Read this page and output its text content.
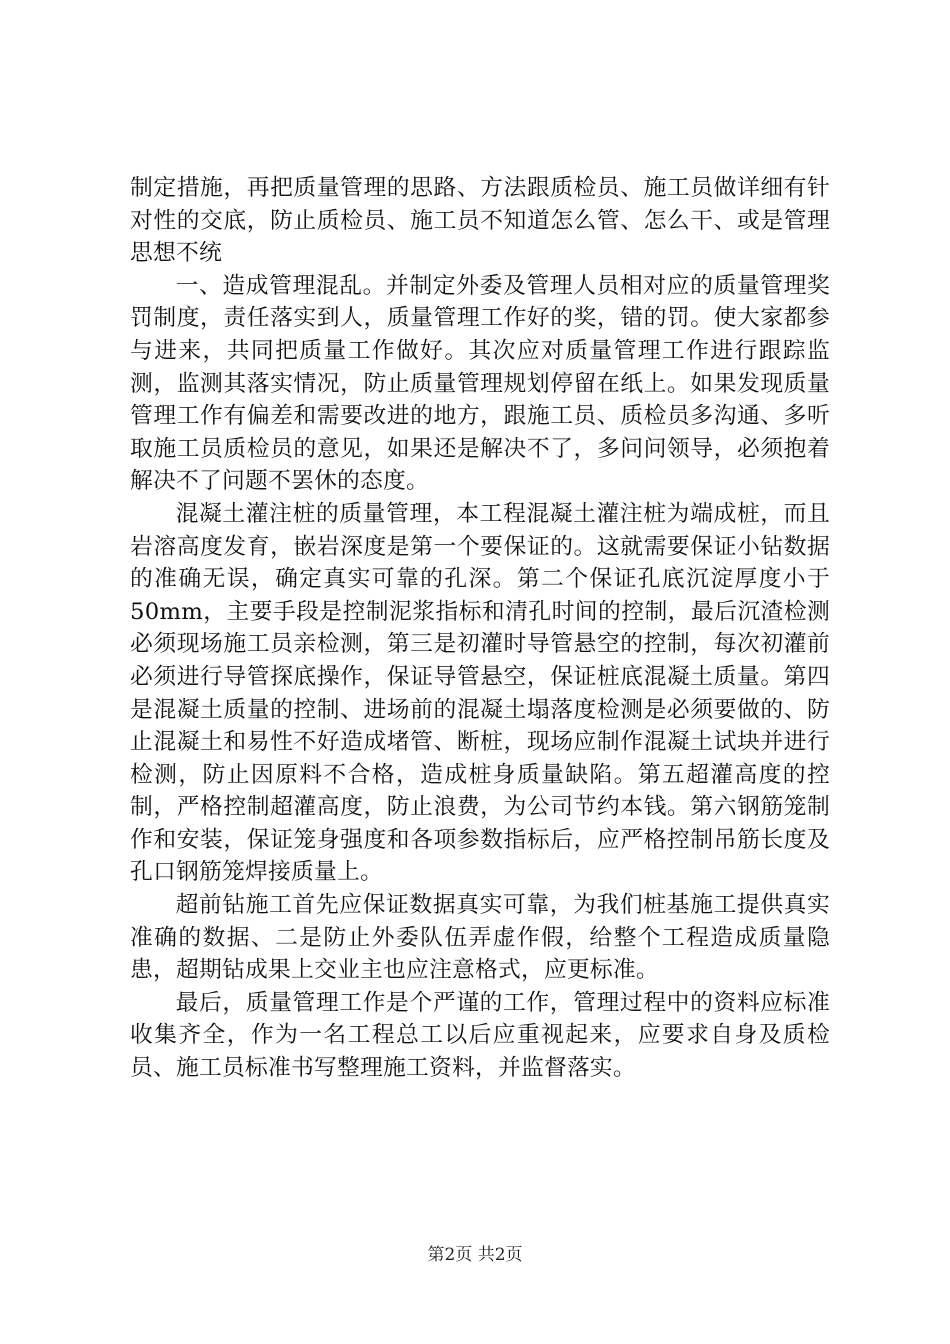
制定措施，再把质量管理的思路、方法跟质检员、施工员做详细有针对性的交底，防止质检员、施工员不知道怎么管、怎么干、或是管理思想不统

一、造成管理混乱。并制定外委及管理人员相对应的质量管理奖罚制度，责任落实到人，质量管理工作好的奖，错的罚。使大家都参与进来，共同把质量工作做好。其次应对质量管理工作进行跟踪监测，监测其落实情况，防止质量管理规划停留在纸上。如果发现质量管理工作有偏差和需要改进的地方，跟施工员、质检员多沟通、多听取施工员质检员的意见，如果还是解决不了，多问问领导，必须抱着解决不了问题不罢休的态度。

混凝土灌注桩的质量管理，本工程混凝土灌注桩为端成桩，而且岩溶高度发育，嵌岩深度是第一个要保证的。这就需要保证小钻数据的准确无误，确定真实可靠的孔深。第二个保证孔底沉淀厚度小于50mm，主要手段是控制泥浆指标和清孔时间的控制，最后沉渣检测必须现场施工员亲检测，第三是初灌时导管悬空的控制，每次初灌前必须进行导管探底操作，保证导管悬空，保证桩底混凝土质量。第四是混凝土质量的控制、进场前的混凝土塌落度检测是必须要做的、防止混凝土和易性不好造成堵管、断桩，现场应制作混凝土试块并进行检测，防止因原料不合格，造成桩身质量缺陷。第五超灌高度的控制，严格控制超灌高度，防止浪费，为公司节约本钱。第六钢筋笼制作和安装，保证笼身强度和各项参数指标后，应严格控制吊筋长度及孔口钢筋笼焊接质量上。

超前钻施工首先应保证数据真实可靠，为我们桩基施工提供真实准确的数据、二是防止外委队伍弄虚作假，给整个工程造成质量隐患，超期钻成果上交业主也应注意格式，应更标准。

最后，质量管理工作是个严谨的工作，管理过程中的资料应标准收集齐全，作为一名工程总工以后应重视起来，应要求自身及质检员、施工员标准书写整理施工资料，并监督落实。

第2页 共2页
